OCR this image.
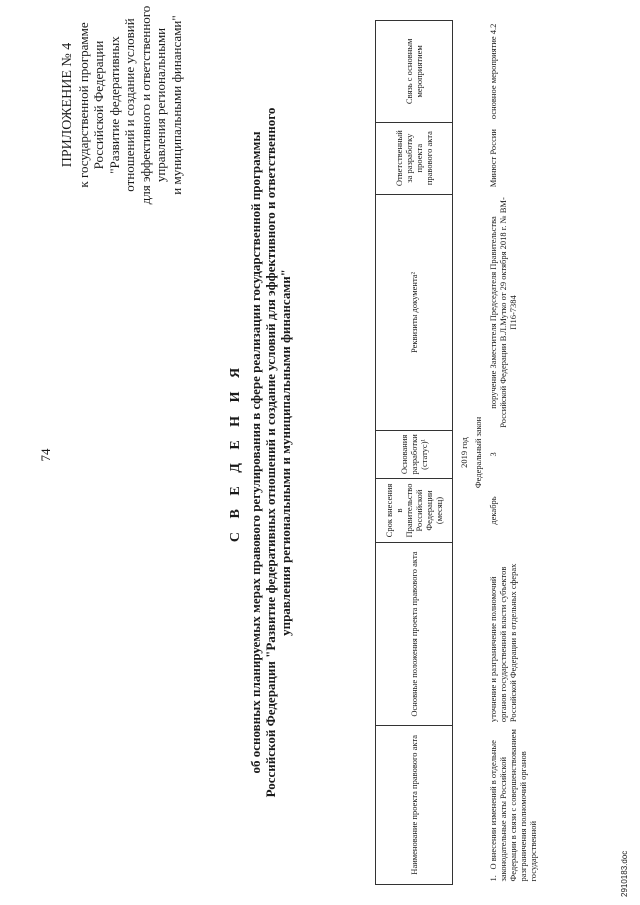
74
2910183.doc
ПРИЛОЖЕНИЕ № 4 к государственной программе Российской Федерации "Развитие федеративных отношений и создание условий для эффективного и ответственного управления региональными и муниципальными финансами"
С В Е Д Е Н И Я об основных планируемых мерах правового регулирования в сфере реализации государственной программы Российской Федерации "Развитие федеративных отношений и создание условий для эффективного и ответственного управления региональными и муниципальными финансами"
Наименование проекта правового акта	Основные положения проекта правового акта	Срок внесения в Правительство Российской Федерации (месяц)	Основания разработки (статус)¹	Реквизиты документа²	Ответственный за разработку проекта правового акта	Связь с основным мероприятием
2019 год						
Федеральный закон						
1.О внесении изменений в отдельные законодательные акты Российской Федерации в связи с совершенствованием разграничения полномочий органов государственной	уточнение и разграничение полномочий органов государственной власти субъектов Российской Федерации в отдельных сферах	декабрь	3	поручение Заместителя Председателя Правительства Российской Федерации В.Л.Мутко от 29 октября 2018 г. № ВМ-П16-7384	Минюст России	основное мероприятие 4.2
